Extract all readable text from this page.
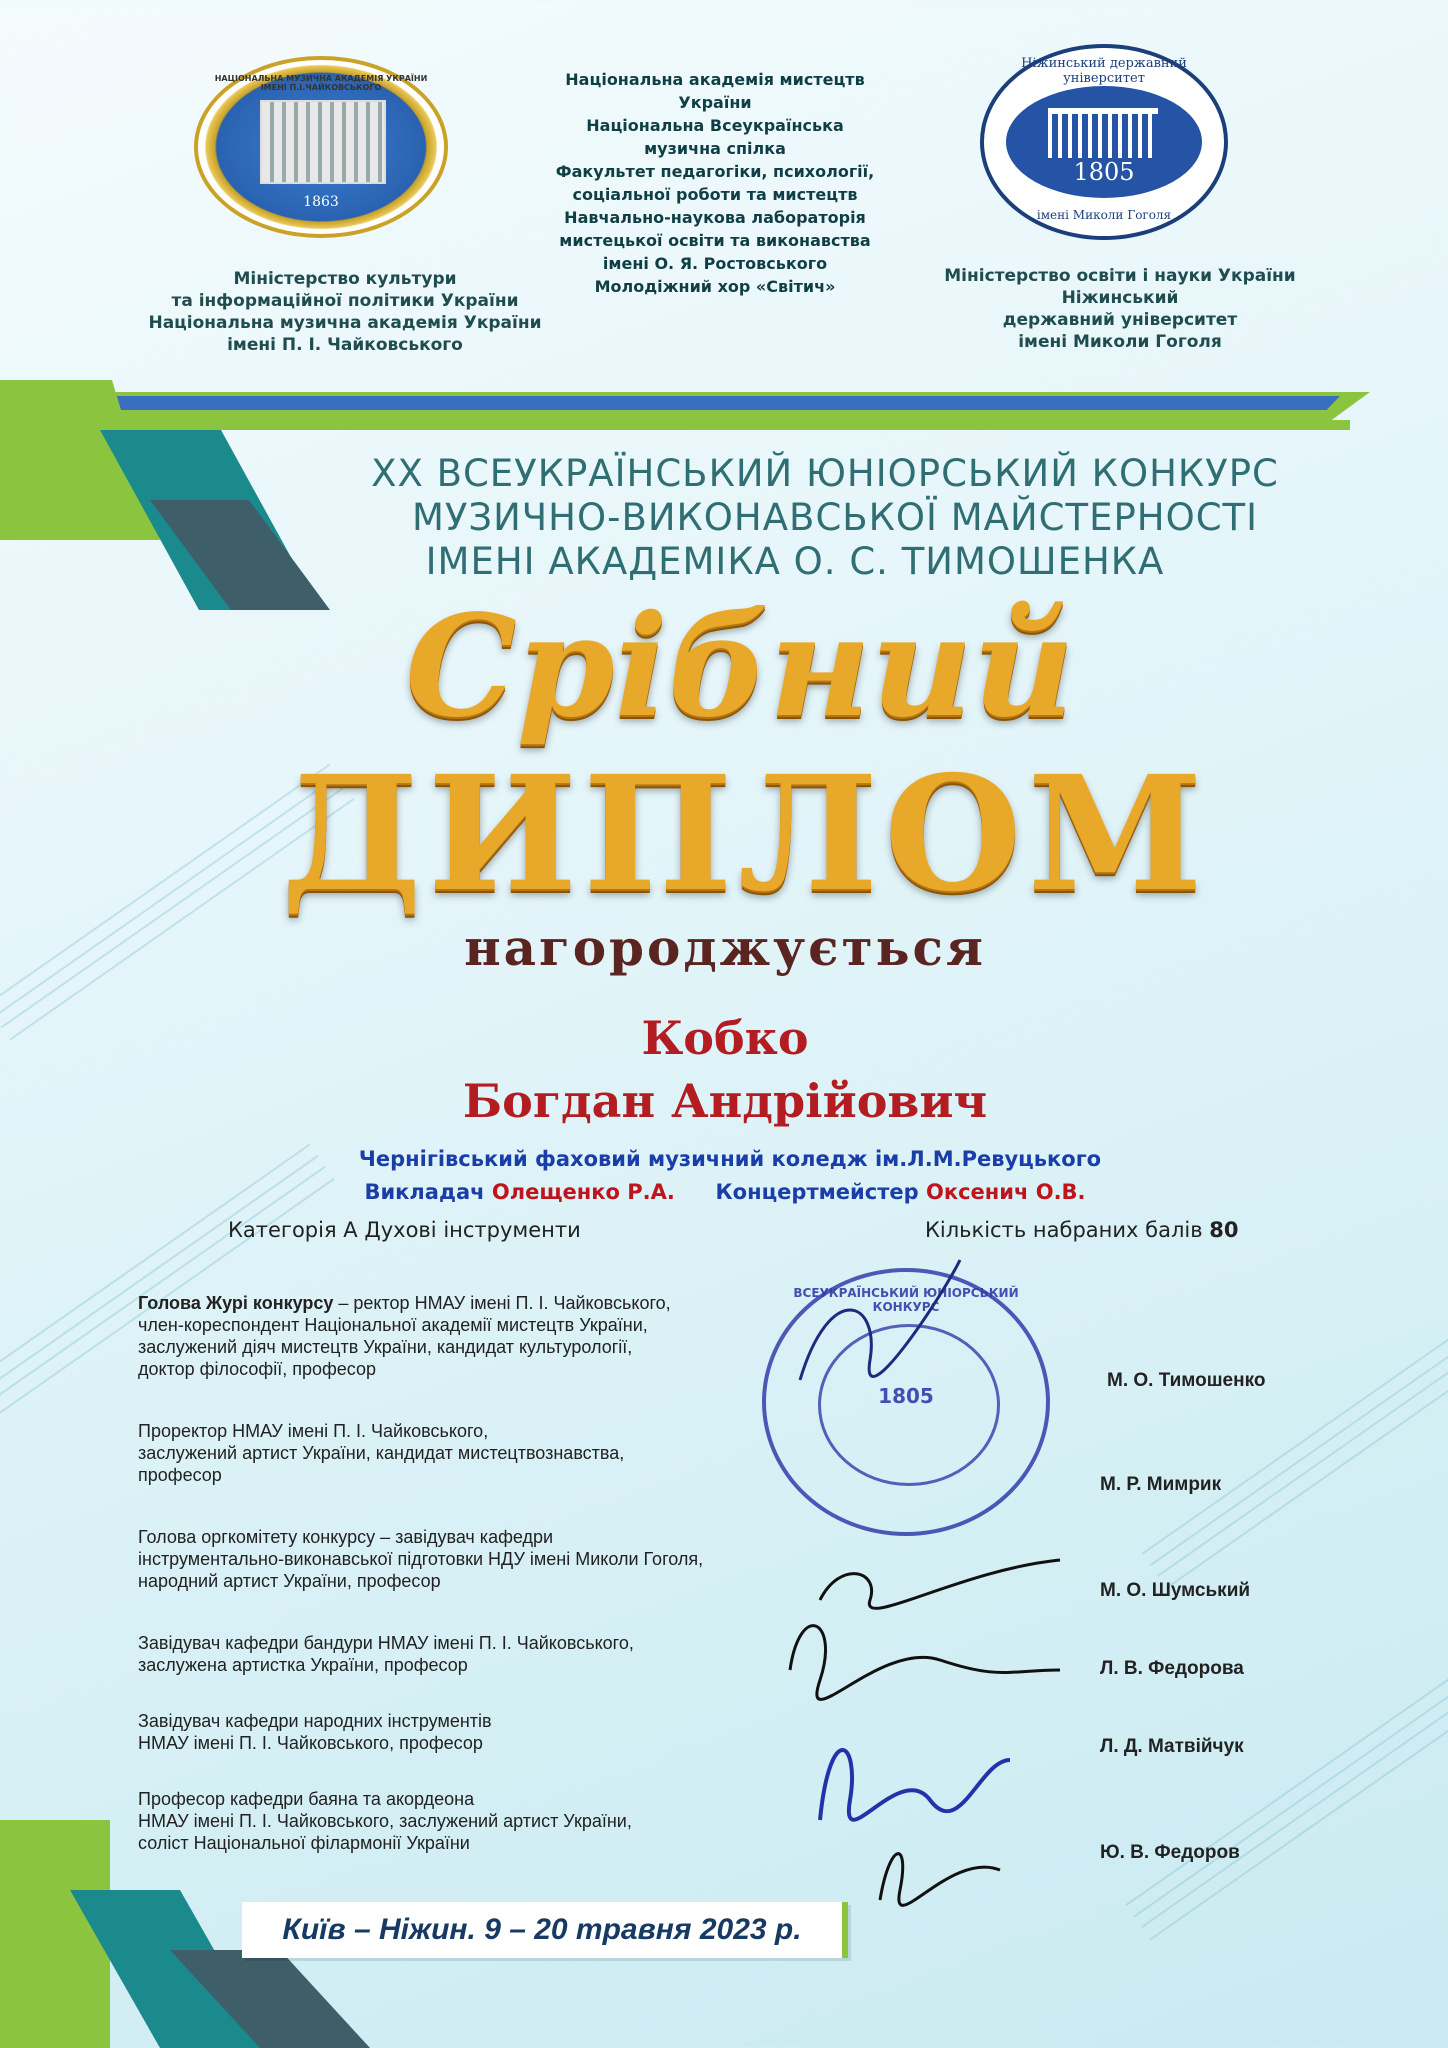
НАЦІОНАЛЬНА МУЗИЧНА АКАДЕМІЯ УКРАЇНИ ІМЕНІ П.І.ЧАЙКОВСЬКОГО
1863
Ніжинський державний університет
1805
імені Миколи Гоголя
Міністерство культури
та інформаційної політики України
Національна музична академія України
імені П. І. Чайковського
Національна академія мистецтв
України
Національна Всеукраїнська
музична спілка
Факультет педагогіки, психології,
соціальної роботи та мистецтв
Навчально-наукова лабораторія
мистецької освіти та виконавства
імені О. Я. Ростовського
Молодіжний хор «Світич»
Міністерство освіти і науки України
Ніжинський
державний університет
імені Миколи Гоголя
ХХ ВСЕУКРАЇНСЬКИЙ ЮНІОРСЬКИЙ КОНКУРС
МУЗИЧНО-ВИКОНАВСЬКОЇ МАЙСТЕРНОСТІ
ІМЕНІ АКАДЕМІКА О. С. ТИМОШЕНКА
Срібний
ДИПЛОМ
нагороджується
Кобко
Богдан Андрійович
Чернігівський фаховий музичний коледж ім.Л.М.Ревуцького
Викладач Олещенко Р.А. Концертмейстер Оксенич О.В.
Категорія А Духові інструменти	Кількість набраних балів 80
ВСЕУКРАЇНСЬКИЙ ЮНІОРСЬКИЙ КОНКУРС
1805
Голова Журі конкурсу – ректор НМАУ імені П. І. Чайковського,
член-кореспондент Національної академії мистецтв України,
заслужений діяч мистецтв України, кандидат культурології,
доктор філософії, професор
М. О. Тимошенко
Проректор НМАУ імені П. І. Чайковського,
заслужений артист України, кандидат мистецтвознавства,
професор	М. Р. Мимрик
Голова оргкомітету конкурсу – завідувач кафедри
інструментально-виконавської підготовки НДУ імені Миколи Гоголя,
народний артист України, професор	М. О. Шумський
Завідувач кафедри бандури НМАУ імені П. І. Чайковського,
заслужена артистка України, професор	Л. В. Федорова
Завідувач кафедри народних інструментів
НМАУ імені П. І. Чайковського, професор	Л. Д. Матвійчук
Професор кафедри баяна та акордеона
НМАУ імені П. І. Чайковського, заслужений артист України,
соліст Національної філармонії України	Ю. В. Федоров
Київ – Ніжин. 9 – 20 травня 2023 р.
